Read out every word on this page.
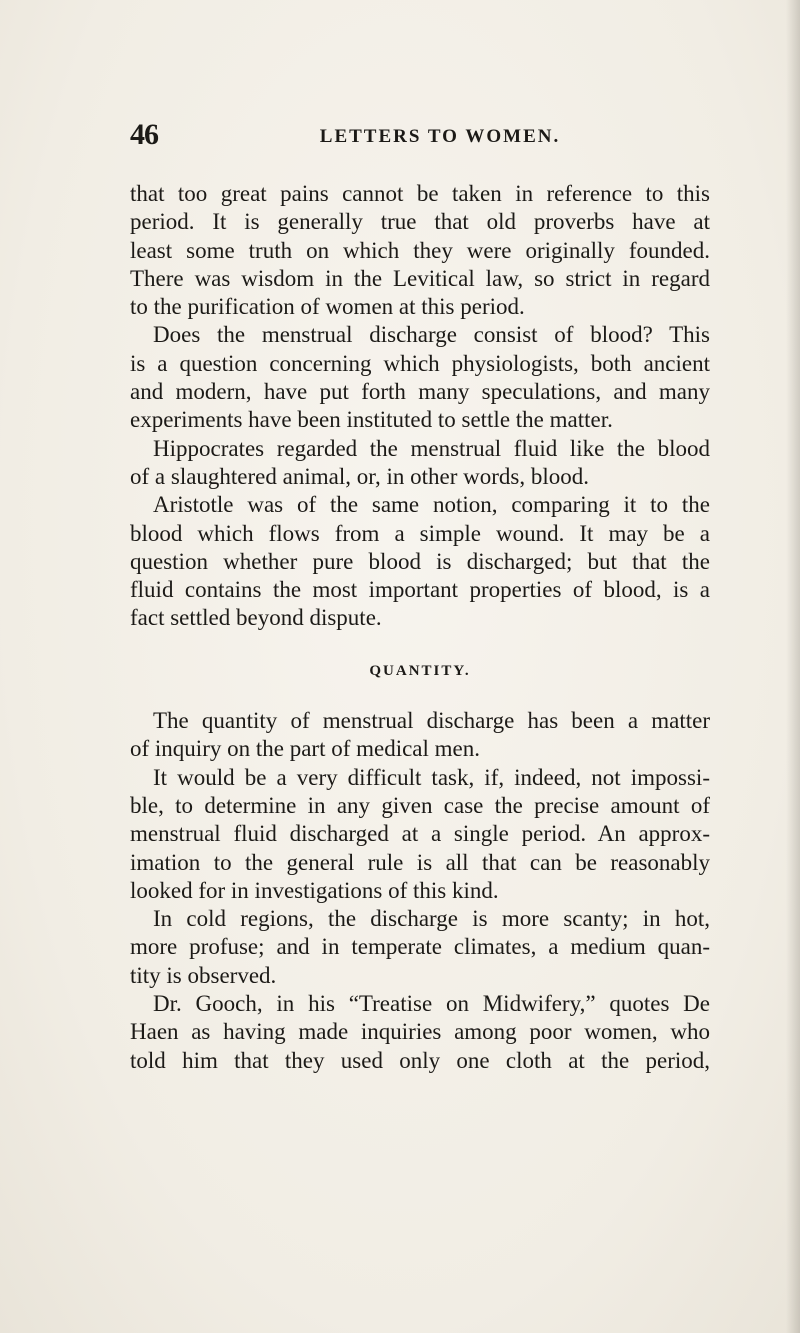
46	LETTERS TO WOMEN.
that too great pains cannot be taken in reference to this
period. It is generally true that old proverbs have at
least some truth on which they were originally founded.
There was wisdom in the Levitical law, so strict in regard
to the purification of women at this period.
Does the menstrual discharge consist of blood? This
is a question concerning which physiologists, both ancient
and modern, have put forth many speculations, and many
experiments have been instituted to settle the matter.
Hippocrates regarded the menstrual fluid like the blood
of a slaughtered animal, or, in other words, blood.
Aristotle was of the same notion, comparing it to the
blood which flows from a simple wound. It may be a
question whether pure blood is discharged; but that the
fluid contains the most important properties of blood, is a
fact settled beyond dispute.
QUANTITY.
The quantity of menstrual discharge has been a matter
of inquiry on the part of medical men.
It would be a very difficult task, if, indeed, not impossi-
ble, to determine in any given case the precise amount of
menstrual fluid discharged at a single period. An approx-
imation to the general rule is all that can be reasonably
looked for in investigations of this kind.
In cold regions, the discharge is more scanty; in hot,
more profuse; and in temperate climates, a medium quan-
tity is observed.
Dr. Gooch, in his “Treatise on Midwifery,” quotes De
Haen as having made inquiries among poor women, who
told him that they used only one cloth at the period,
